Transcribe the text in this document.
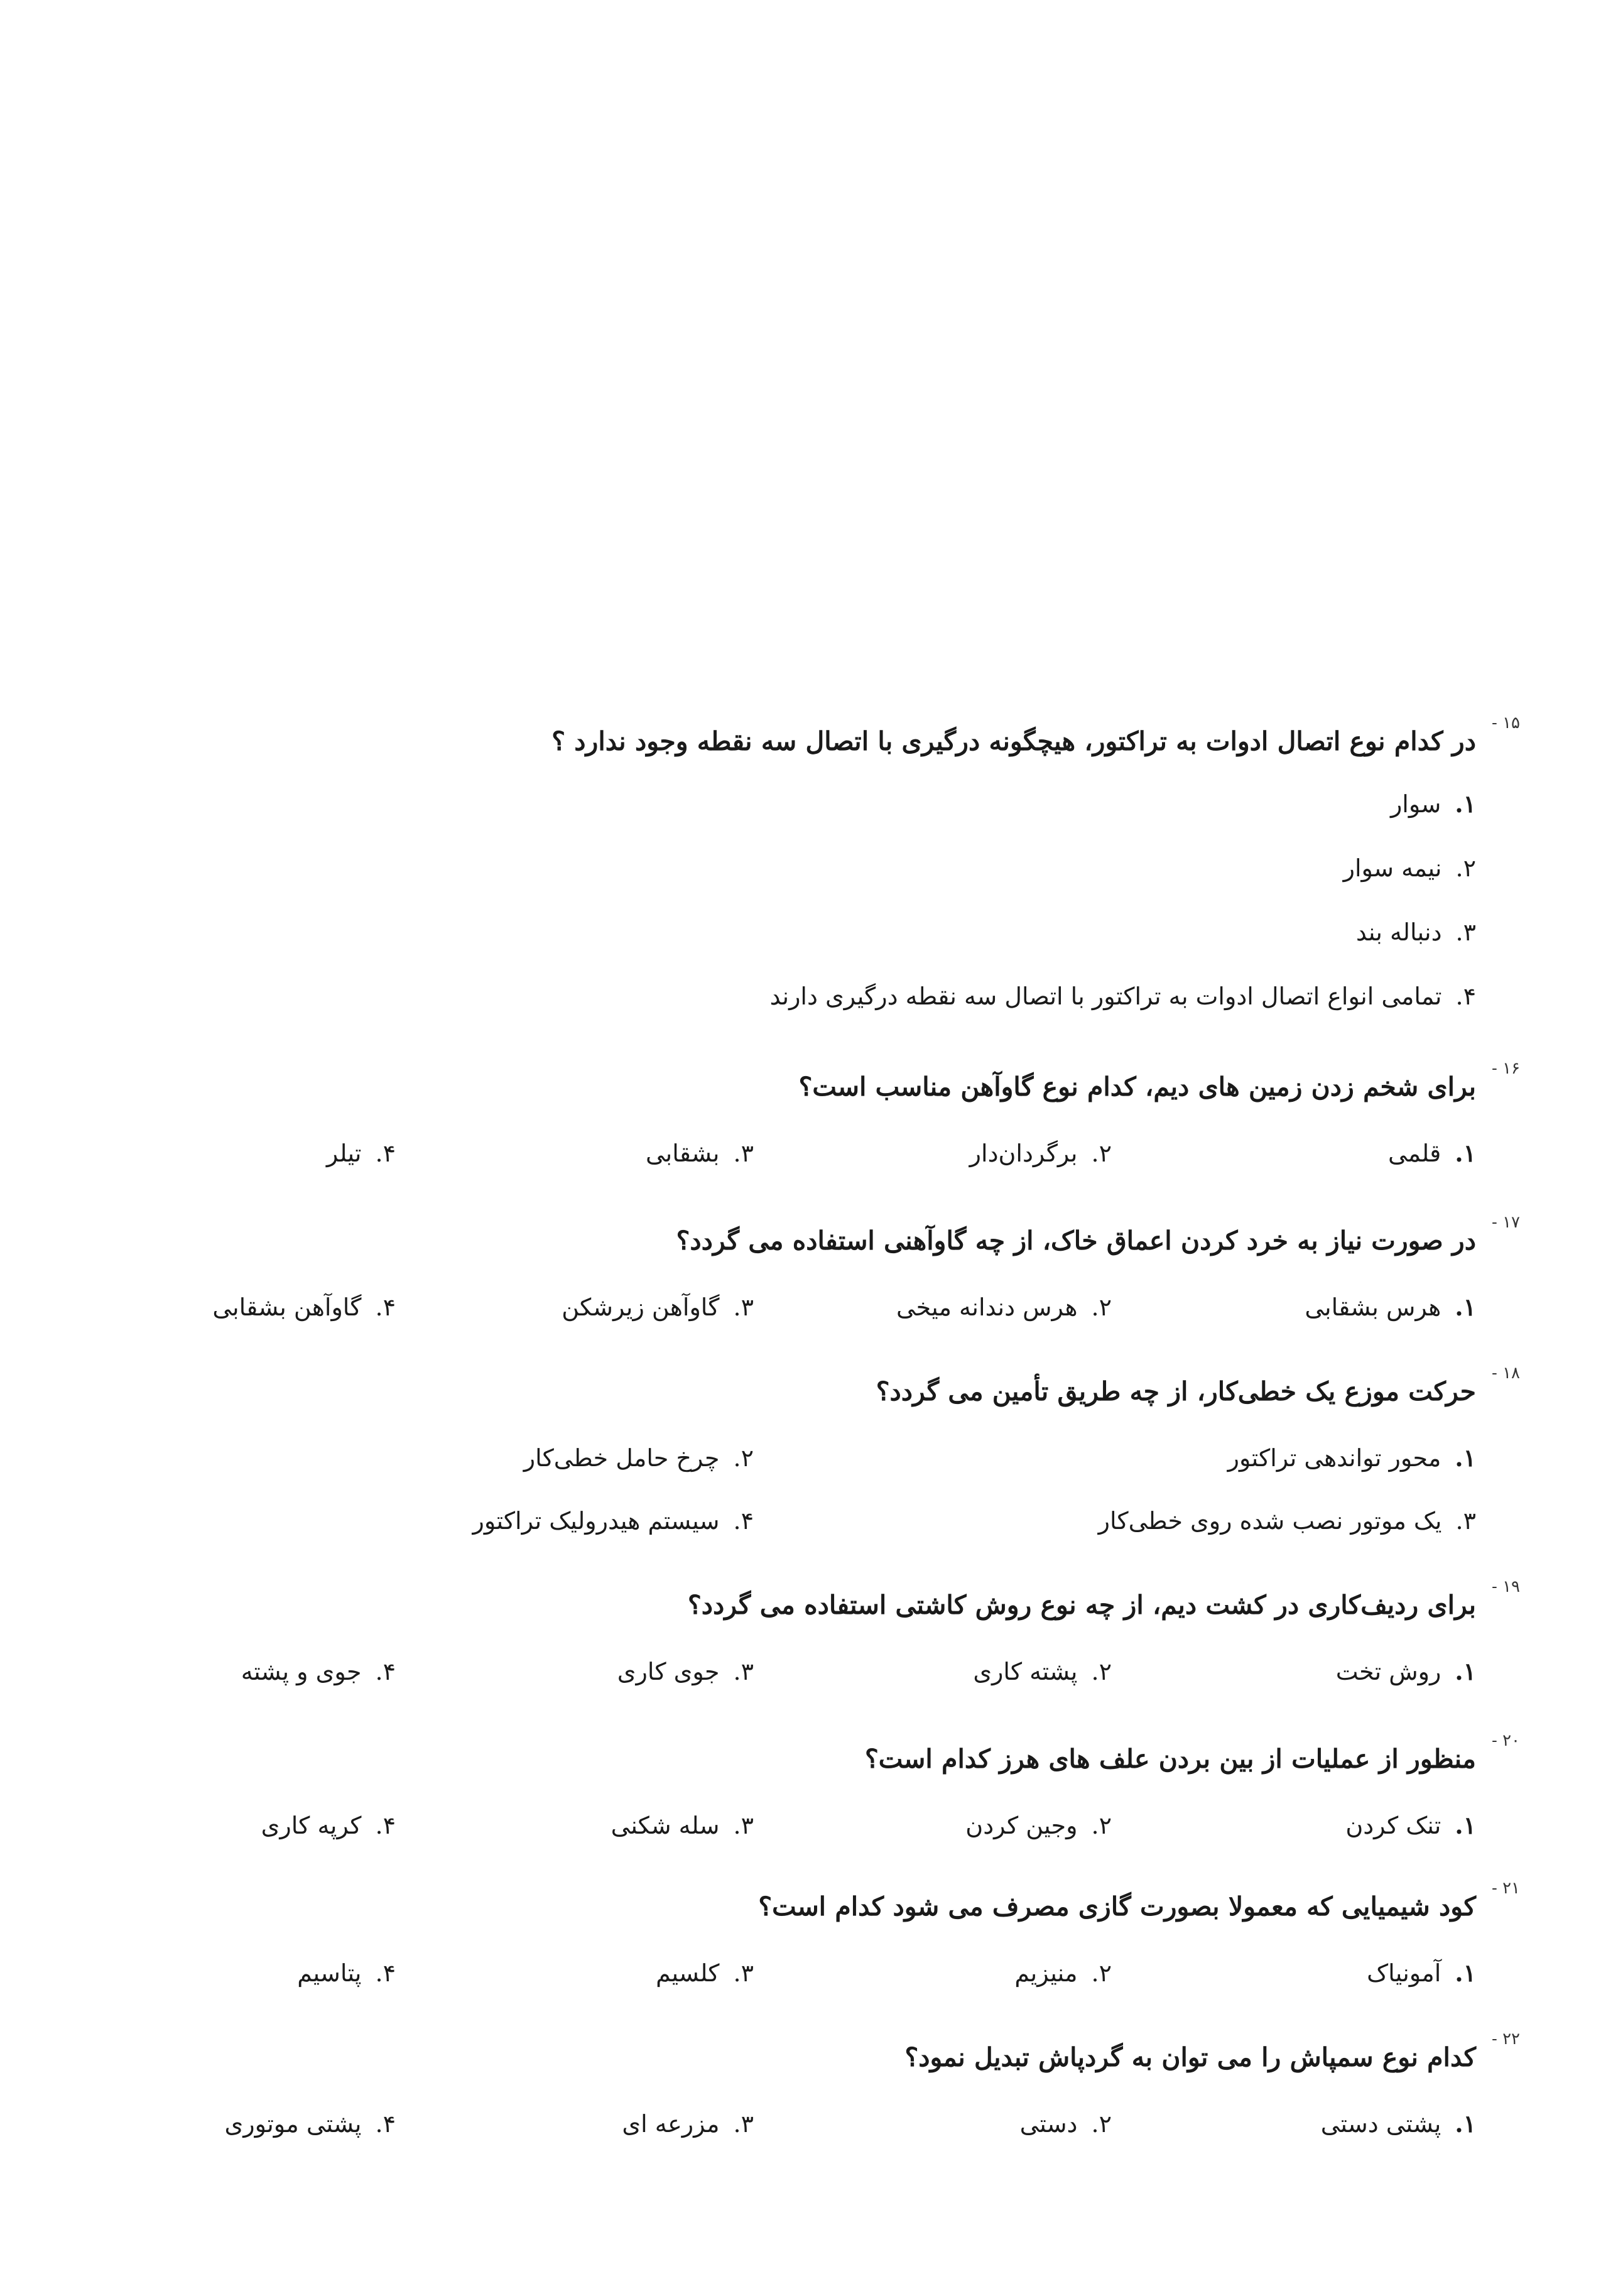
۱۵ -
در کدام نوع اتصال ادوات به تراکتور، هیچگونه درگیری با اتصال سه نقطه وجود ندارد ؟
۱.سوار
۲.نیمه سوار
۳.دنباله بند
۴.تمامی انواع اتصال ادوات به تراکتور با اتصال سه نقطه درگیری دارند
۱۶ -
برای شخم زدن زمین های دیم، کدام نوع گاوآهن مناسب است؟
۱.قلمی
۲.برگردان‌دار
۳.بشقابی
۴.تیلر
۱۷ -
در صورت نیاز به خرد کردن اعماق خاک، از چه گاوآهنی استفاده می گردد؟
۱.هرس بشقابی
۲.هرس دندانه میخی
۳.گاوآهن زیرشکن
۴.گاوآهن بشقابی
۱۸ -
حرکت موزع یک خطی‌کار، از چه طریق تأمین می گردد؟
۱.محور تواندهی تراکتور
۲.چرخ حامل خطی‌کار
۳.یک موتور نصب شده روی خطی‌کار
۴.سیستم هیدرولیک تراکتور
۱۹ -
برای ردیف‌کاری در کشت دیم، از چه نوع روش کاشتی استفاده می گردد؟
۱.روش تخت
۲.پشته کاری
۳.جوی کاری
۴.جوی و پشته
۲۰ -
منظور از عملیات از بین بردن علف های هرز کدام است؟
۱.تنک کردن
۲.وجین کردن
۳.سله شکنی
۴.کرپه کاری
۲۱ -
کود شیمیایی که معمولا بصورت گازی مصرف می شود کدام است؟
۱.آمونیاک
۲.منیزیم
۳.کلسیم
۴.پتاسیم
۲۲ -
کدام نوع سمپاش را می توان به گردپاش تبدیل نمود؟
۱.پشتی دستی
۲.دستی
۳.مزرعه ای
۴.پشتی موتوری
